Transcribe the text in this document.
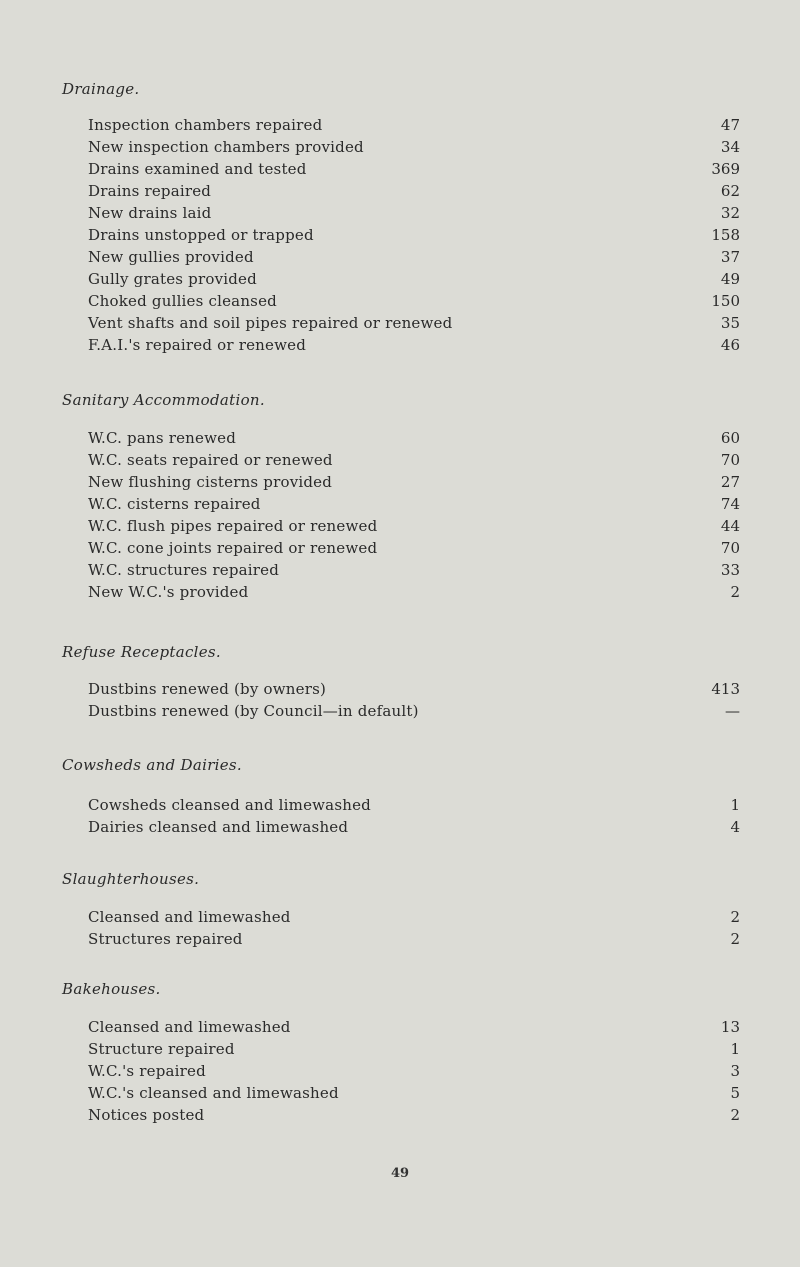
Drainage.
Inspection chambers repaired	47
New inspection chambers provided	34
Drains examined and tested	369
Drains repaired	62
New drains laid	32
Drains unstopped or trapped	158
New gullies provided	37
Gully grates provided	49
Choked gullies cleansed	150
Vent shafts and soil pipes repaired or renewed	35
F.A.I.'s repaired or renewed	46
Sanitary Accommodation.
W.C. pans renewed	60
W.C. seats repaired or renewed	70
New flushing cisterns provided	27
W.C. cisterns repaired	74
W.C. flush pipes repaired or renewed	44
W.C. cone joints repaired or renewed	70
W.C. structures repaired	33
New W.C.'s provided	2
Refuse Receptacles.
Dustbins renewed (by owners)	413
Dustbins renewed (by Council—in default)	—
Cowsheds and Dairies.
Cowsheds cleansed and limewashed	1
Dairies cleansed and limewashed	4
Slaughterhouses.
Cleansed and limewashed	2
Structures repaired	2
Bakehouses.
Cleansed and limewashed	13
Structure repaired	1
W.C.'s repaired	3
W.C.'s cleansed and limewashed	5
Notices posted	2
49
